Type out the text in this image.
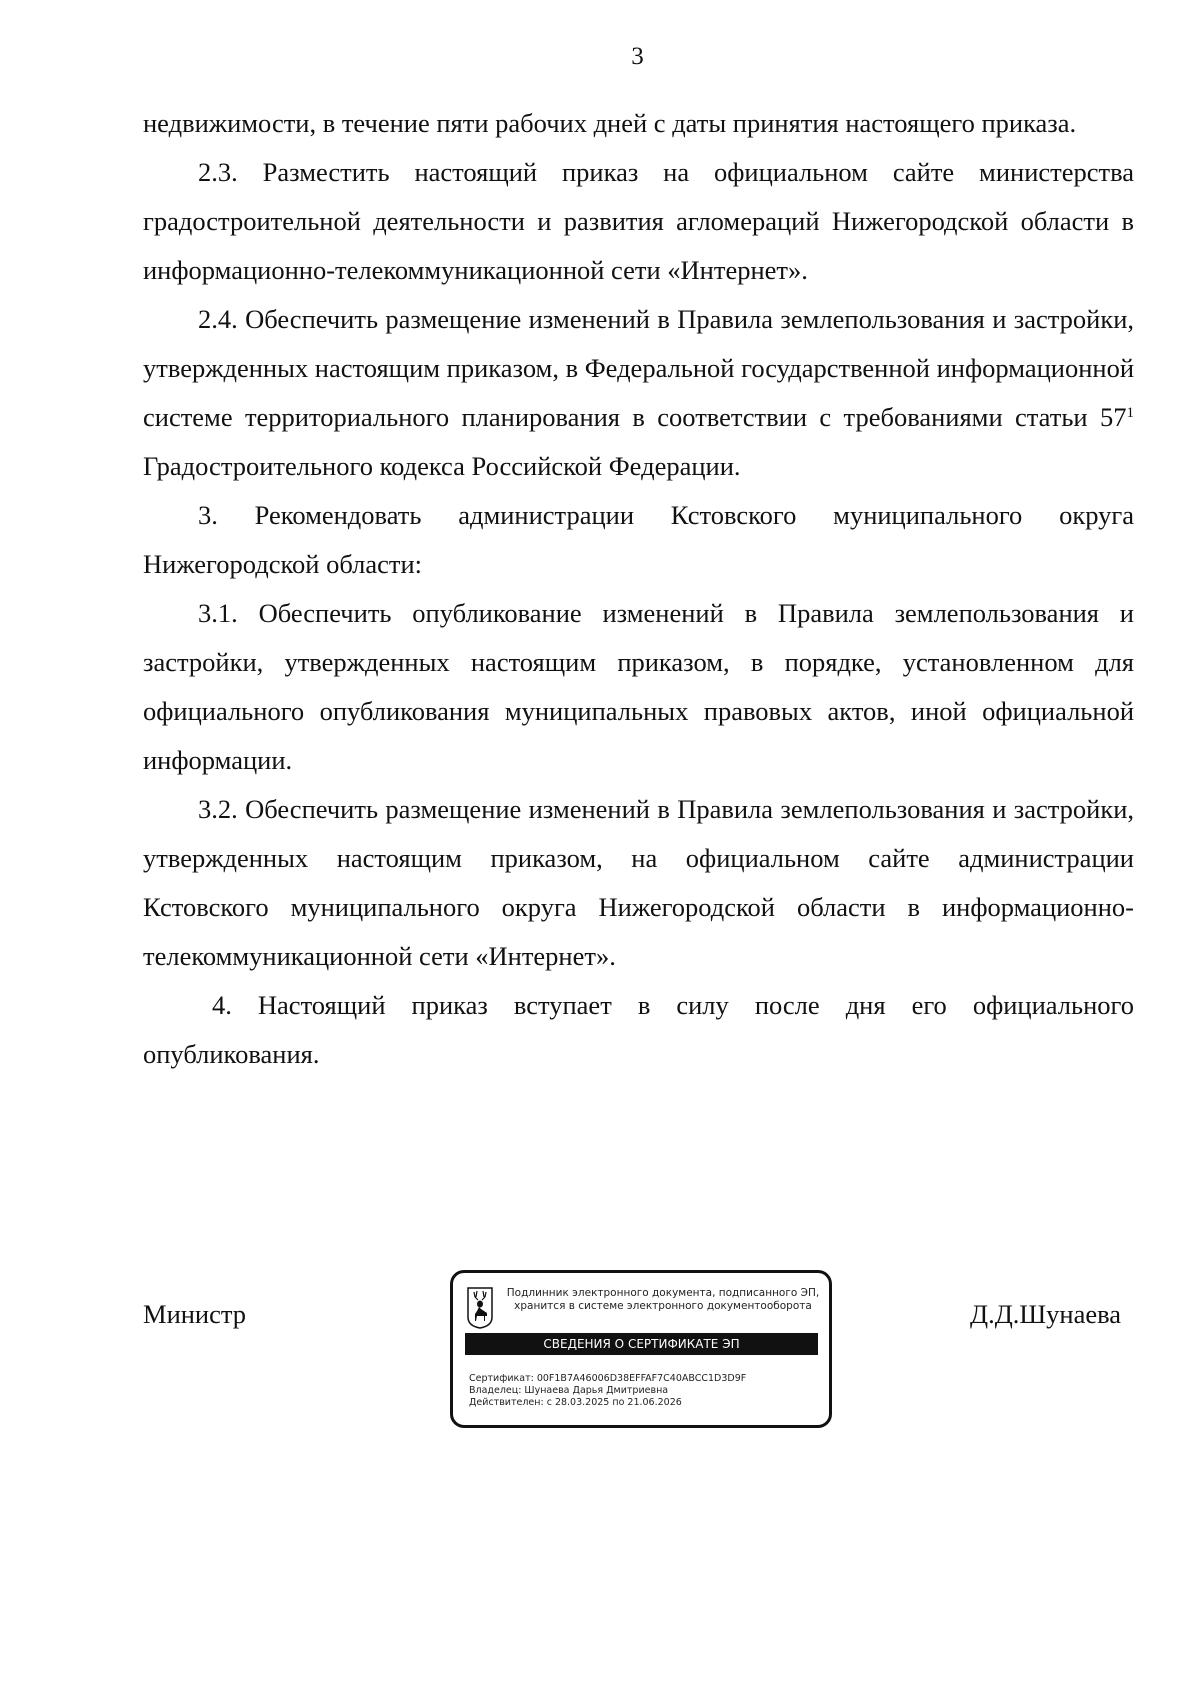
3

недвижимости, в течение пяти рабочих дней с даты принятия настоящего приказа.

2.3. Разместить настоящий приказ на официальном сайте министерства градостроительной деятельности и развития агломераций Нижегородской области в информационно-телекоммуникационной сети «Интернет».

2.4. Обеспечить размещение изменений в Правила землепользования и застройки, утвержденных настоящим приказом, в Федеральной государственной информационной системе территориального планирования в соответствии с требованиями статьи $57^1$ Градостроительного кодекса Российской Федерации.

3. Рекомендовать администрации Кстовского муниципального округа Нижегородской области:

3.1. Обеспечить опубликование изменений в Правила землепользования и застройки, утвержденных настоящим приказом, в порядке, установленном для официального опубликования муниципальных правовых актов, иной официальной информации.

3.2. Обеспечить размещение изменений в Правила землепользования и застройки, утвержденных настоящим приказом, на официальном сайте администрации Кстовского муниципального округа Нижегородской области в информационно-телекоммуникационной сети «Интернет».

4. Настоящий приказ вступает в силу после дня его официального опубликования.

Министр
Подлинник электронного документа, подписанного ЭП,
хранится в системе электронного документооборота
СВЕДЕНИЯ О СЕРТИФИКАТЕ ЭП
Сертификат: 00F1B7A46006D38EFFAF7C40ABCC1D3D9F
Владелец: Шунаева Дарья Дмитриевна
Действителен: с 28.03.2025 по 21.06.2026
Д.Д.Шунаева
